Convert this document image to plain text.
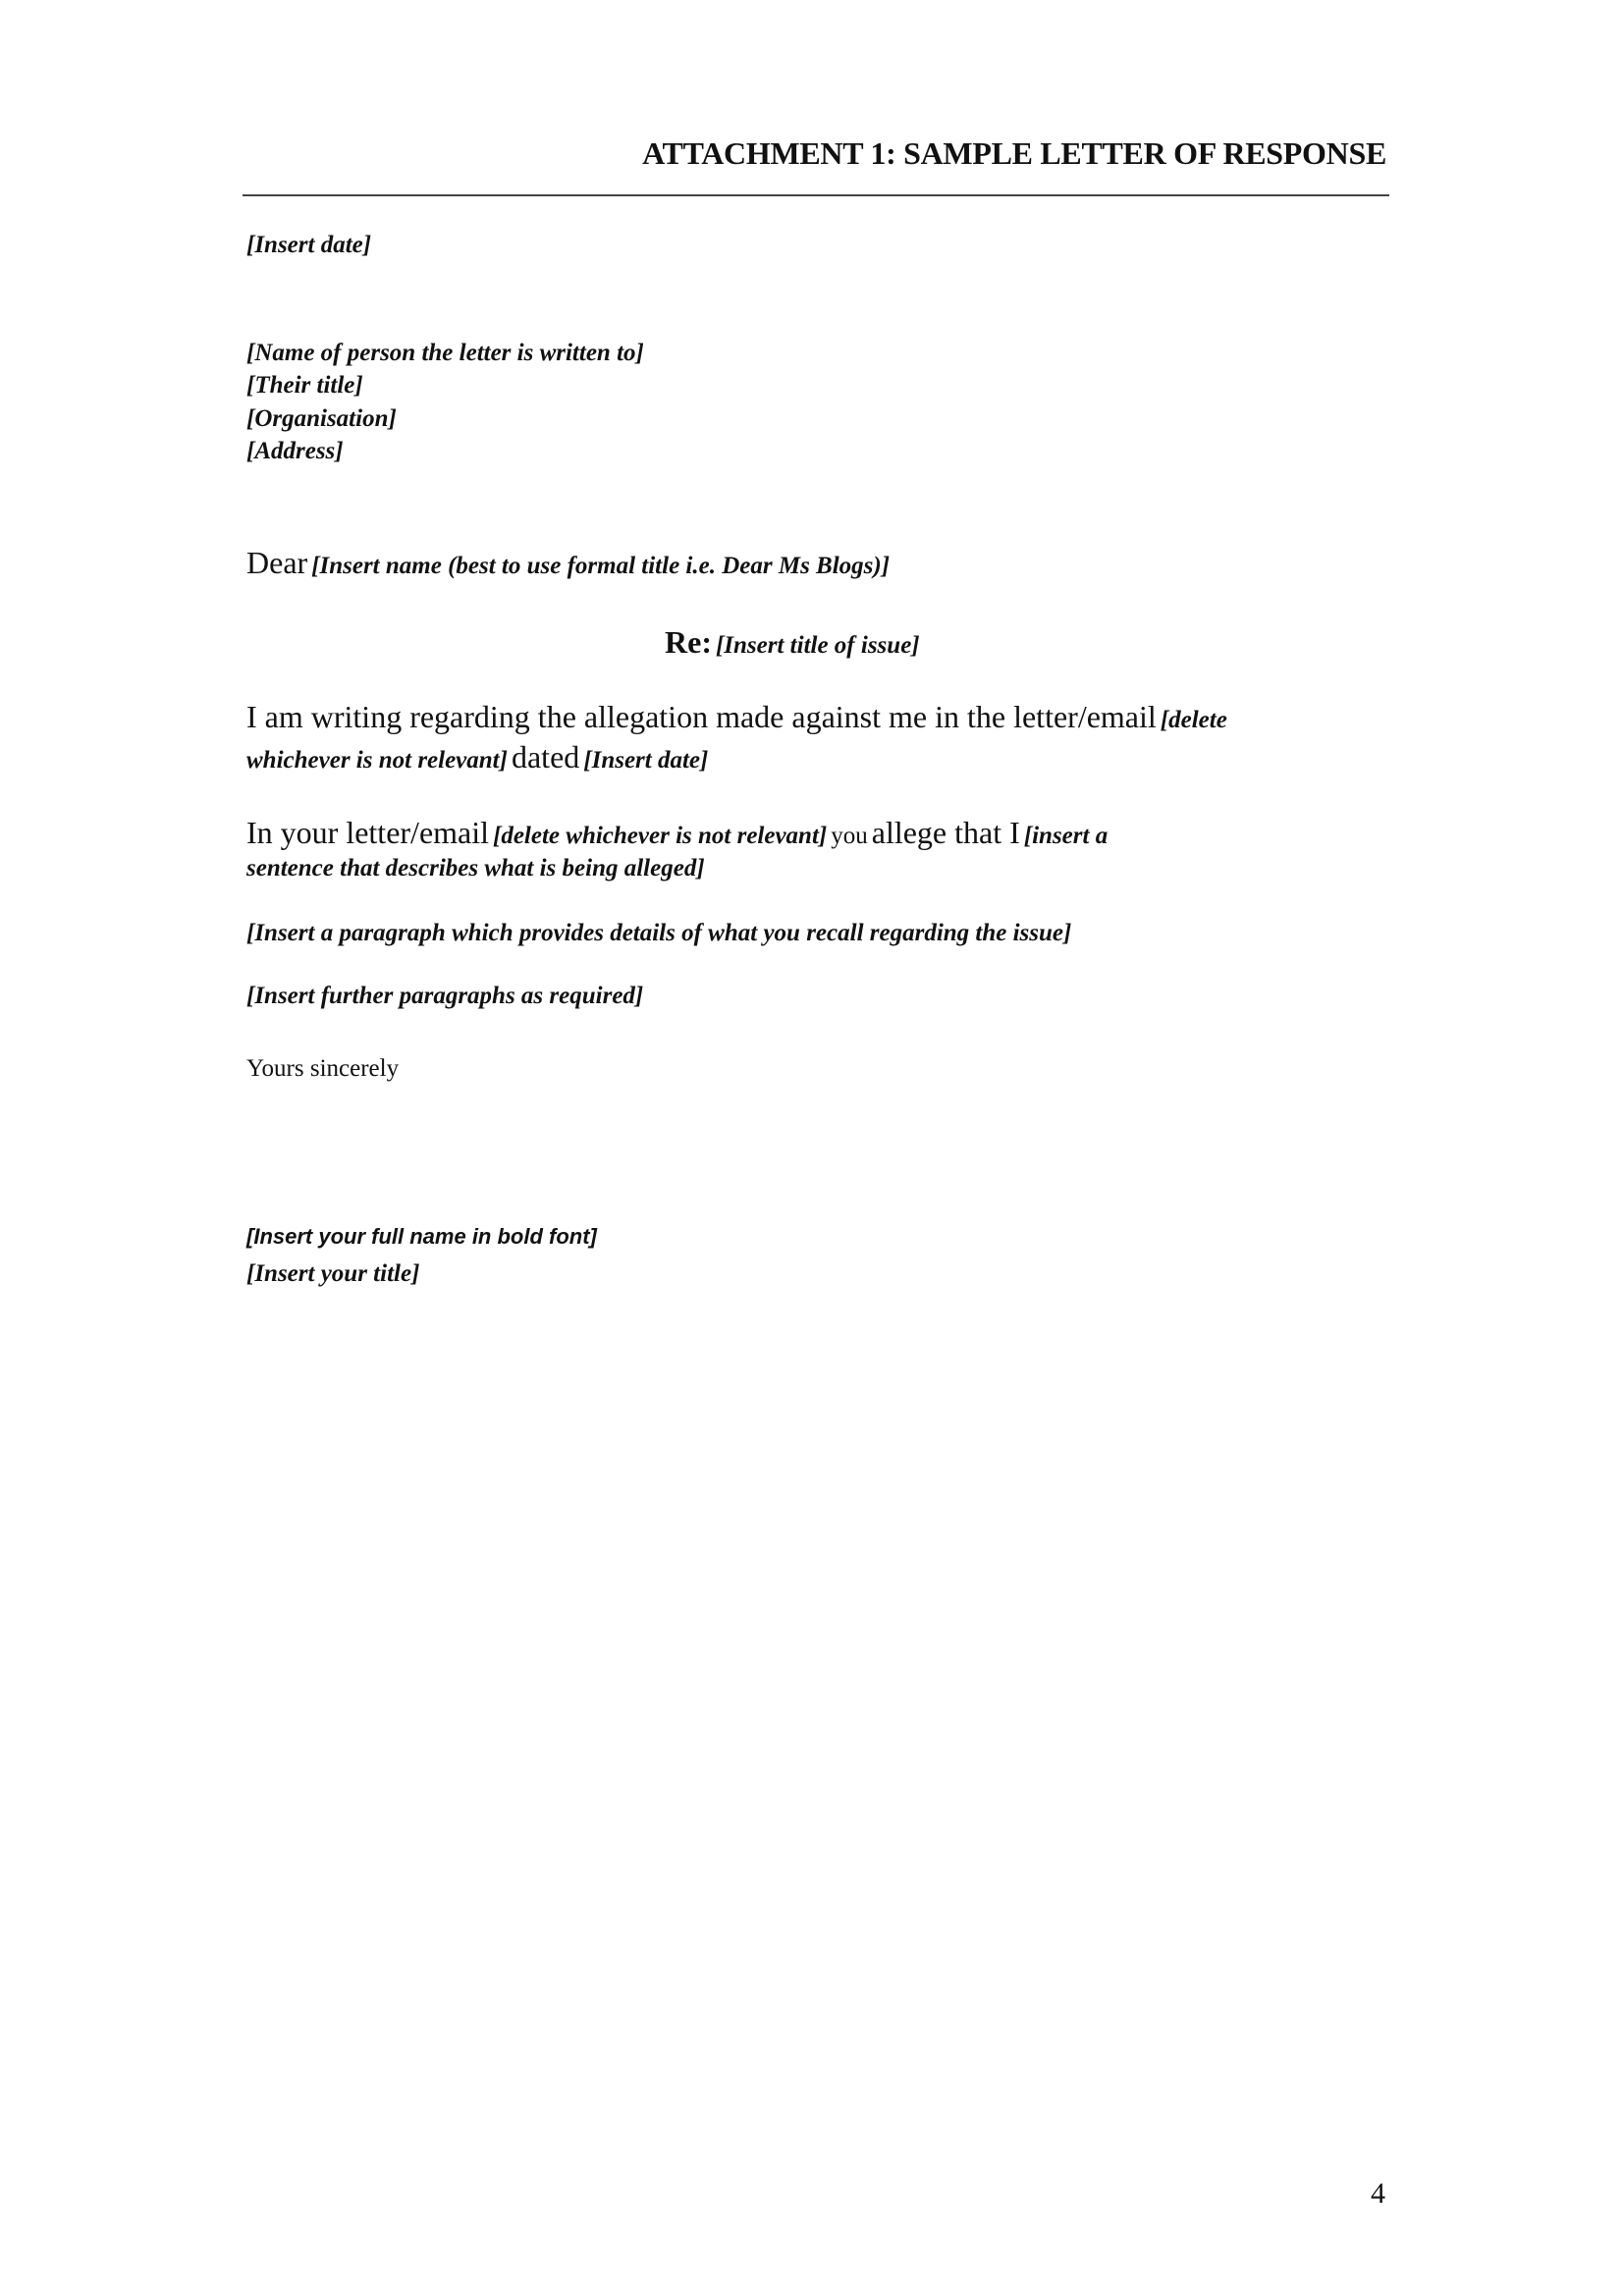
ATTACHMENT 1: SAMPLE LETTER OF RESPONSE
[Insert date]
[Name of person the letter is written to]
[Their title]
[Organisation]
[Address]
Dear [Insert name (best to use formal title i.e. Dear Ms Blogs)]
Re: [Insert title of issue]
I am writing regarding the allegation made against me in the letter/email [delete
whichever is not relevant] dated [Insert date]
In your letter/email [delete whichever is not relevant] you allege that I [insert a
sentence that describes what is being alleged]
[Insert a paragraph which provides details of what you recall regarding the issue]
[Insert further paragraphs as required]
Yours sincerely
[Insert your full name in bold font]
[Insert your title]
4
